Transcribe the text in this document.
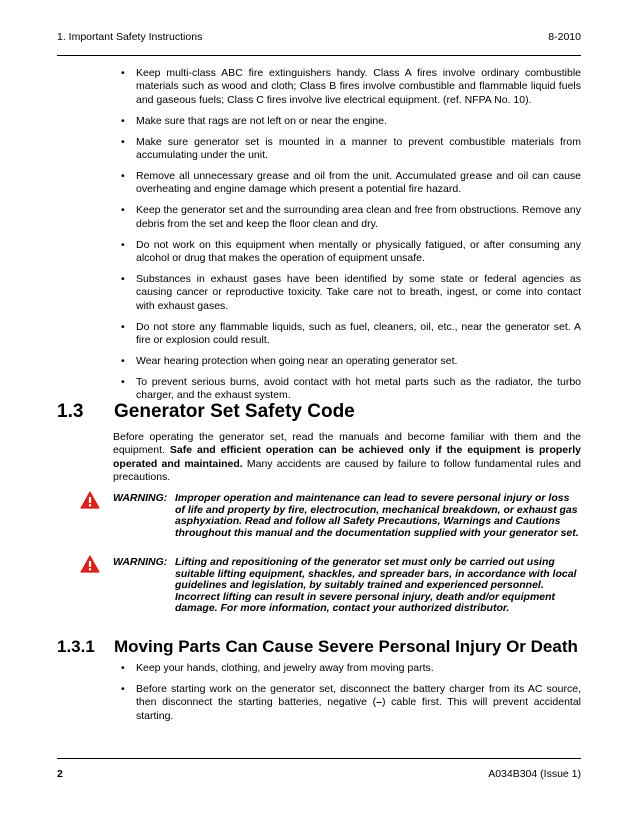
1. Important Safety Instructions	8-2010
• Keep multi-class ABC fire extinguishers handy. Class A fires involve ordinary combustible materials such as wood and cloth; Class B fires involve combustible and flammable liquid fuels and gaseous fuels; Class C fires involve live electrical equipment. (ref. NFPA No. 10).
• Make sure that rags are not left on or near the engine.
• Make sure generator set is mounted in a manner to prevent combustible materials from accumulating under the unit.
• Remove all unnecessary grease and oil from the unit. Accumulated grease and oil can cause overheating and engine damage which present a potential fire hazard.
• Keep the generator set and the surrounding area clean and free from obstructions. Remove any debris from the set and keep the floor clean and dry.
• Do not work on this equipment when mentally or physically fatigued, or after consuming any alcohol or drug that makes the operation of equipment unsafe.
• Substances in exhaust gases have been identified by some state or federal agencies as causing cancer or reproductive toxicity. Take care not to breath, ingest, or come into contact with exhaust gases.
• Do not store any flammable liquids, such as fuel, cleaners, oil, etc., near the generator set. A fire or explosion could result.
• Wear hearing protection when going near an operating generator set.
• To prevent serious burns, avoid contact with hot metal parts such as the radiator, the turbo charger, and the exhaust system.
1.3 Generator Set Safety Code
Before operating the generator set, read the manuals and become familiar with them and the equipment. Safe and efficient operation can be achieved only if the equipment is properly operated and maintained. Many accidents are caused by failure to follow fundamental rules and precautions.
WARNING: Improper operation and maintenance can lead to severe personal injury or loss of life and property by fire, electrocution, mechanical breakdown, or exhaust gas asphyxiation. Read and follow all Safety Precautions, Warnings and Cautions throughout this manual and the documentation supplied with your generator set.
WARNING: Lifting and repositioning of the generator set must only be carried out using suitable lifting equipment, shackles, and spreader bars, in accordance with local guidelines and legislation, by suitably trained and experienced personnel. Incorrect lifting can result in severe personal injury, death and/or equipment damage. For more information, contact your authorized distributor.
1.3.1 Moving Parts Can Cause Severe Personal Injury Or Death
• Keep your hands, clothing, and jewelry away from moving parts.
• Before starting work on the generator set, disconnect the battery charger from its AC source, then disconnect the starting batteries, negative (–) cable first. This will prevent accidental starting.
2	A034B304 (Issue 1)
